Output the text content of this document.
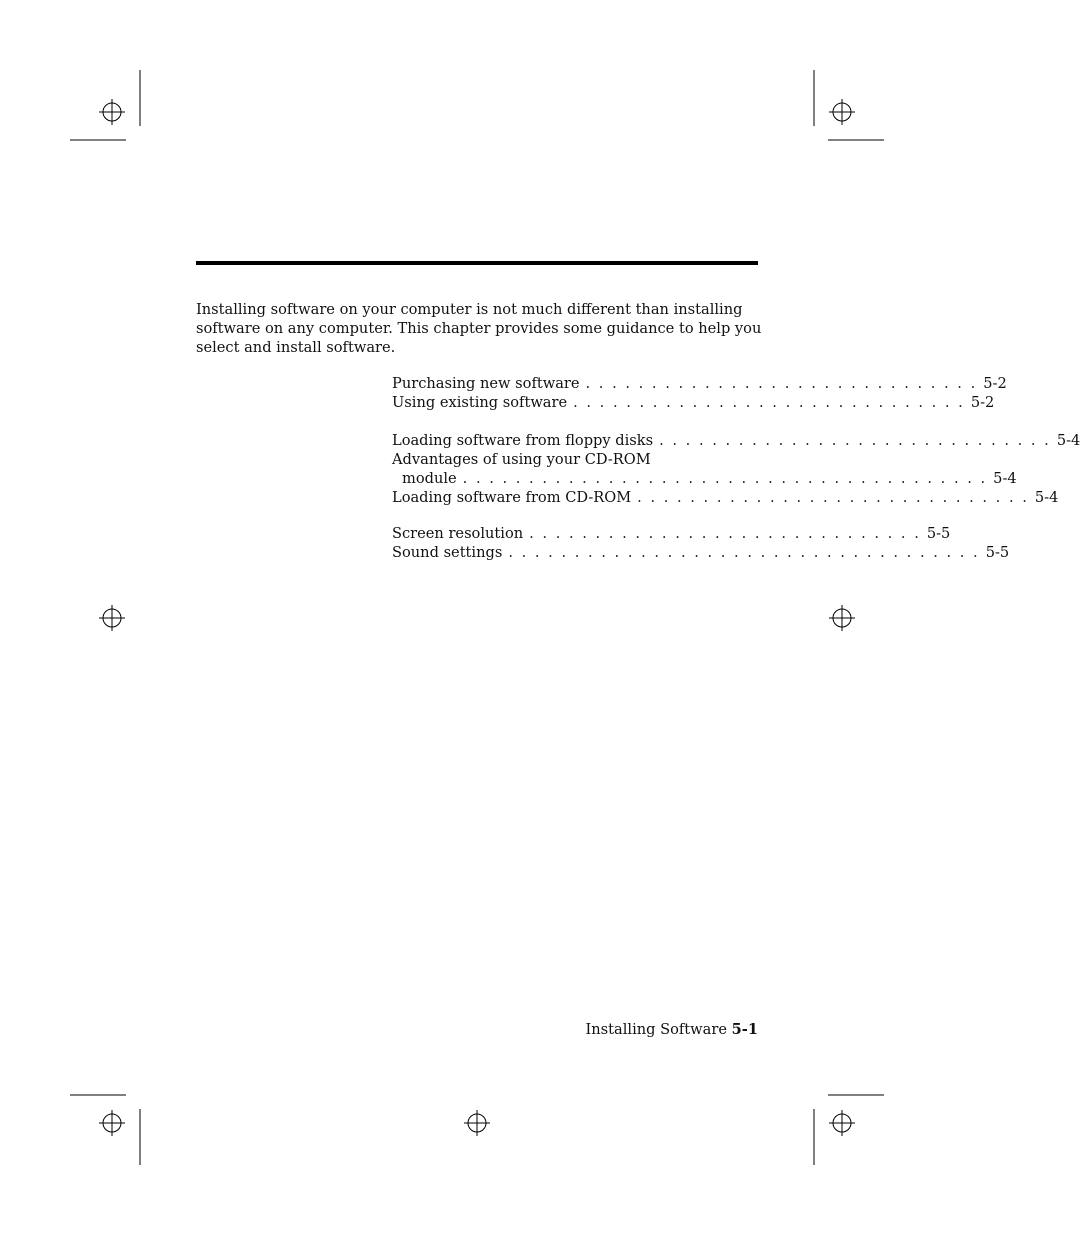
Installing software on your computer is not much different than installing software on any computer. This chapter provides some guidance to help you select and install software.

Purchasing new software . . . . . . . . . . . . . . . . . . . . . . . . . . . . . . 5-2
Using existing software . . . . . . . . . . . . . . . . . . . . . . . . . . . . . . 5-2
Loading software from floppy disks . . . . . . . . . . . . . . . . . . . . . . . . . . . . . . 5-4
Advantages of using your CD-ROM
module . . . . . . . . . . . . . . . . . . . . . . . . . . . . . . . . . . . . . . . . 5-4
Loading software from CD-ROM . . . . . . . . . . . . . . . . . . . . . . . . . . . . . . 5-4
Screen resolution . . . . . . . . . . . . . . . . . . . . . . . . . . . . . . 5-5
Sound settings . . . . . . . . . . . . . . . . . . . . . . . . . . . . . . . . . . . . 5-5
Installing Software 5-1
